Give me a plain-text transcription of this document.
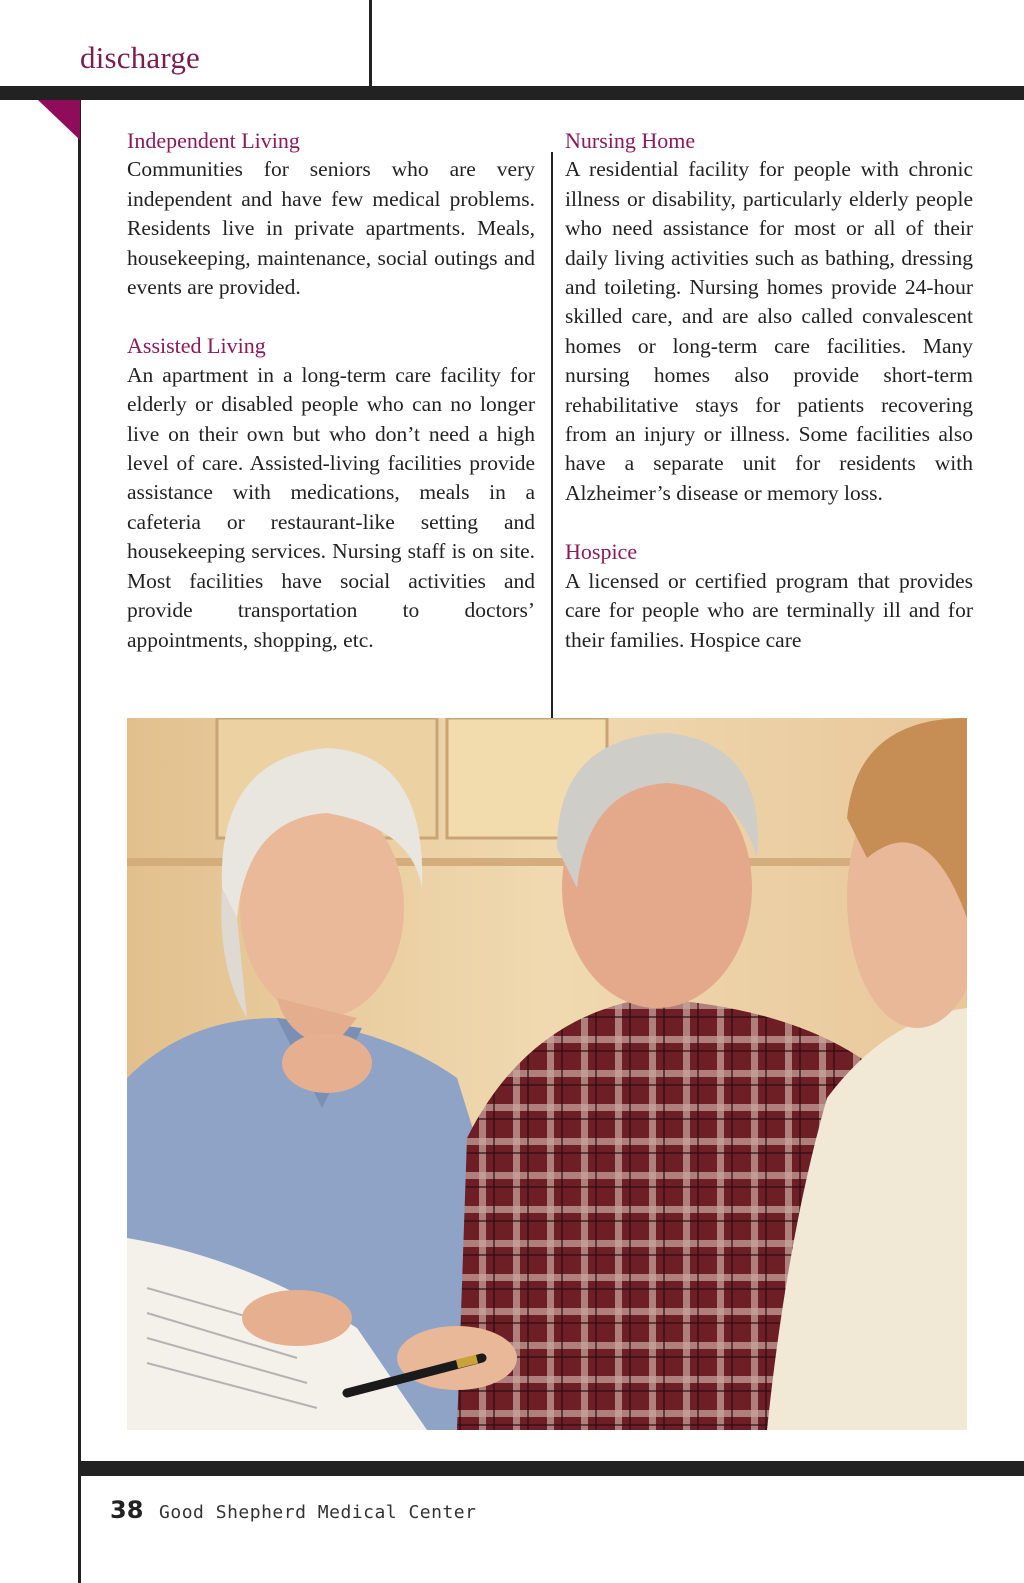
discharge
Independent Living

Communities for seniors who are very independent and have few medical problems. Residents live in private apartments. Meals, housekeeping, maintenance, social outings and events are provided.

Assisted Living

An apartment in a long-term care facility for elderly or disabled people who can no longer live on their own but who don’t need a high level of care. Assisted-living facilities provide assistance with medications, meals in a cafeteria or restaurant-like setting and housekeeping services. Nursing staff is on site. Most facilities have social activities and provide transportation to doctors’ appointments, shopping, etc.

Nursing Home

A residential facility for people with chronic illness or disability, particularly elderly people who need assistance for most or all of their daily living activities such as bathing, dressing and toileting. Nursing homes provide 24-hour skilled care, and are also called convalescent homes or long-term care facilities. Many nursing homes also provide short-term rehabilitative stays for patients recovering from an injury or illness. Some facilities also have a separate unit for residents with Alzheimer’s disease or memory loss.

Hospice

A licensed or certified program that provides care for people who are terminally ill and for their families. Hospice care

38 Good Shepherd Medical Center
